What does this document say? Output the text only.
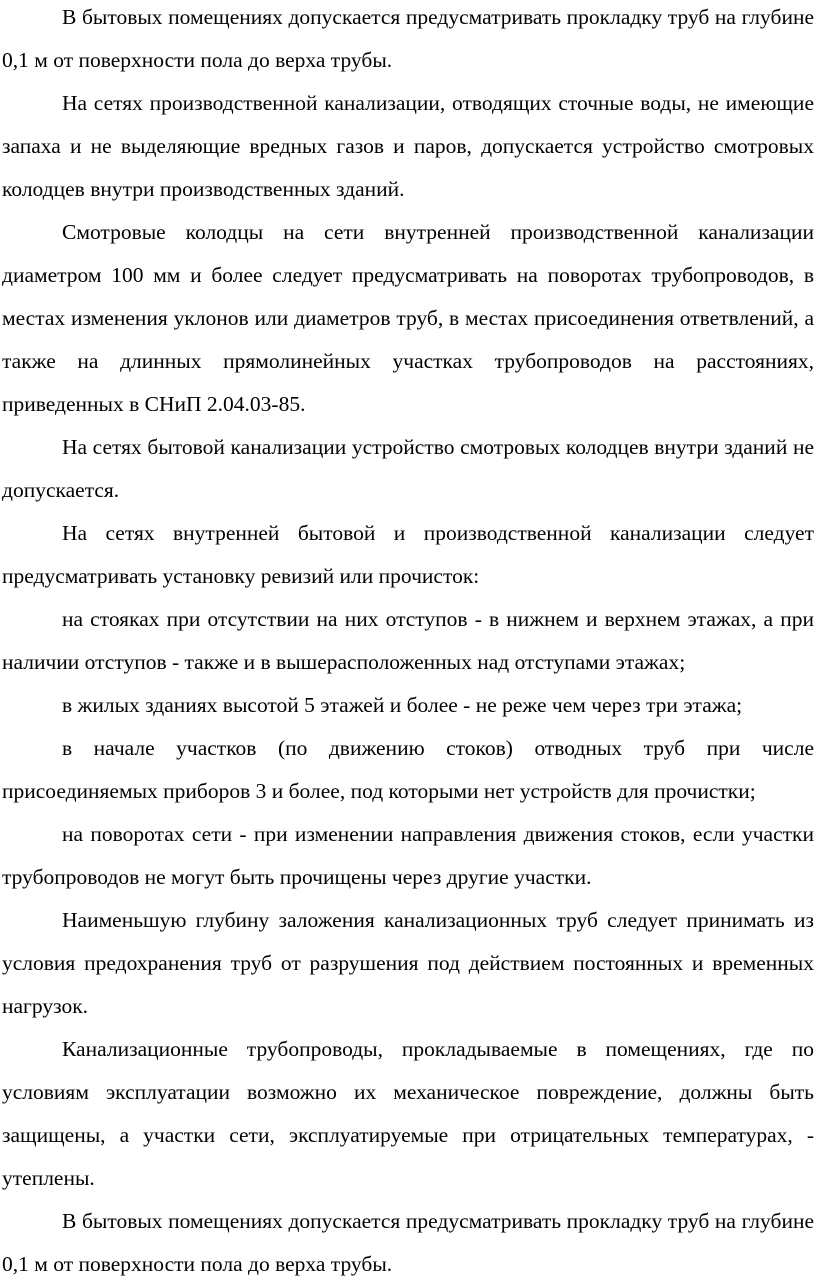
В бытовых помещениях допускается предусматривать прокладку труб на глубине 0,1 м от поверхности пола до верха трубы.

На сетях производственной канализации, отводящих сточные воды, не имеющие запаха и не выделяющие вредных газов и паров, допускается устройство смотровых колодцев внутри производственных зданий.

Смотровые колодцы на сети внутренней производственной канализации диаметром 100 мм и более следует предусматривать на поворотах трубопроводов, в местах изменения уклонов или диаметров труб, в местах присоединения ответвлений, а также на длинных прямолинейных участках трубопроводов на расстояниях, приведенных в СНиП 2.04.03-85.

На сетях бытовой канализации устройство смотровых колодцев внутри зданий не допускается.

На сетях внутренней бытовой и производственной канализации следует предусматривать установку ревизий или прочисток:

на стояках при отсутствии на них отступов - в нижнем и верхнем этажах, а при наличии отступов - также и в вышерасположенных над отступами этажах;

в жилых зданиях высотой 5 этажей и более - не реже чем через три этажа;

в начале участков (по движению стоков) отводных труб при числе присоединяемых приборов 3 и более, под которыми нет устройств для прочистки;

на поворотах сети - при изменении направления движения стоков, если участки трубопроводов не могут быть прочищены через другие участки.

Наименьшую глубину заложения канализационных труб следует принимать из условия предохранения труб от разрушения под действием постоянных и временных нагрузок.

Канализационные трубопроводы, прокладываемые в помещениях, где по условиям эксплуатации возможно их механическое повреждение, должны быть защищены, а участки сети, эксплуатируемые при отрицательных температурах, - утеплены.

В бытовых помещениях допускается предусматривать прокладку труб на глубине 0,1 м от поверхности пола до верха трубы.
